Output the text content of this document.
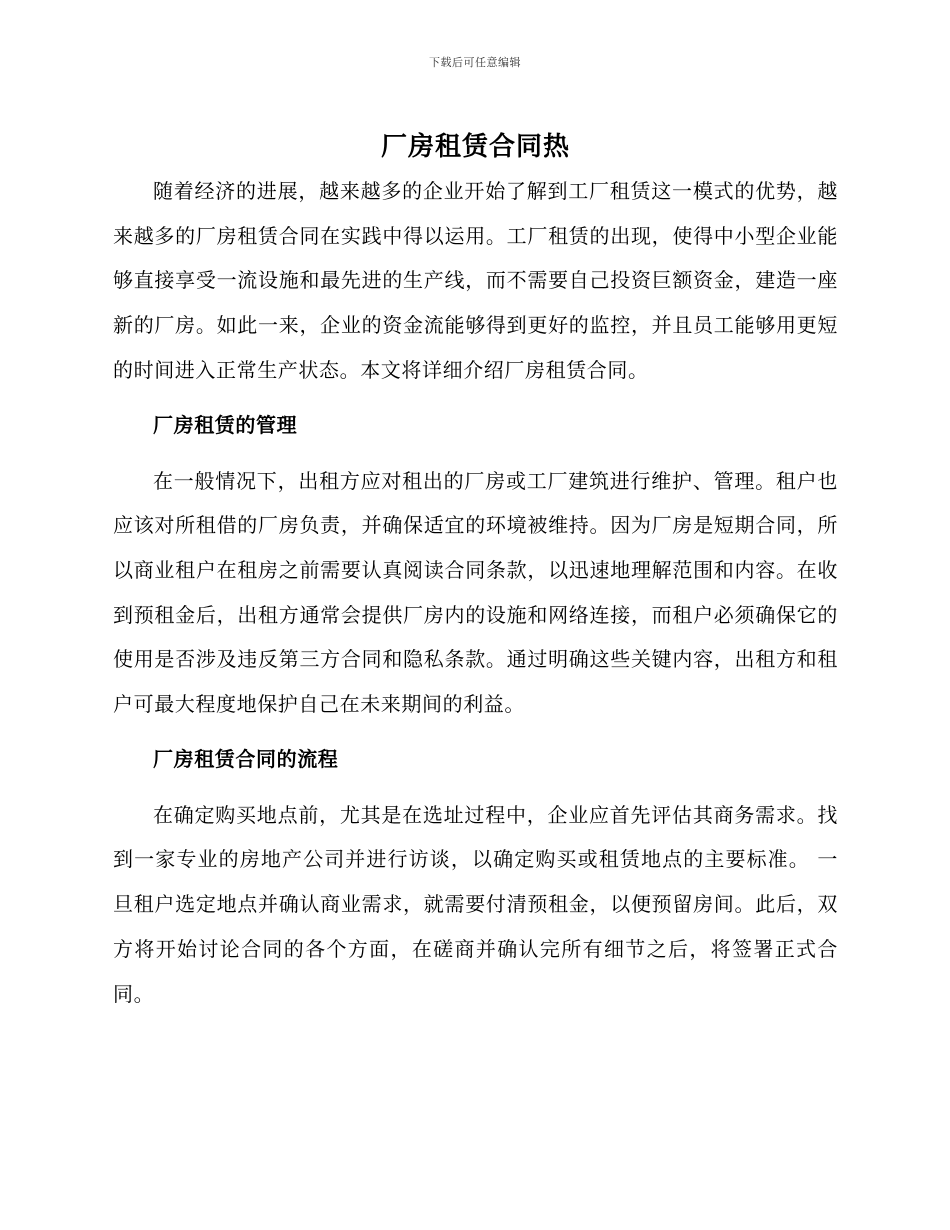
下载后可任意编辑
厂房租赁合同热

随着经济的进展，越来越多的企业开始了解到工厂租赁这一模式的优势，越来越多的厂房租赁合同在实践中得以运用。工厂租赁的出现，使得中小型企业能够直接享受一流设施和最先进的生产线，而不需要自己投资巨额资金，建造一座新的厂房。如此一来，企业的资金流能够得到更好的监控，并且员工能够用更短的时间进入正常生产状态。本文将详细介绍厂房租赁合同。

厂房租赁的管理

在一般情况下，出租方应对租出的厂房或工厂建筑进行维护、管理。租户也应该对所租借的厂房负责，并确保适宜的环境被维持。因为厂房是短期合同，所以商业租户在租房之前需要认真阅读合同条款，以迅速地理解范围和内容。在收到预租金后，出租方通常会提供厂房内的设施和网络连接，而租户必须确保它的使用是否涉及违反第三方合同和隐私条款。通过明确这些关键内容，出租方和租户可最大程度地保护自己在未来期间的利益。

厂房租赁合同的流程

在确定购买地点前，尤其是在选址过程中，企业应首先评估其商务需求。找到一家专业的房地产公司并进行访谈，以确定购买或租赁地点的主要标准。 一旦租户选定地点并确认商业需求，就需要付清预租金，以便预留房间。此后，双方将开始讨论合同的各个方面，在磋商并确认完所有细节之后，将签署正式合同。
